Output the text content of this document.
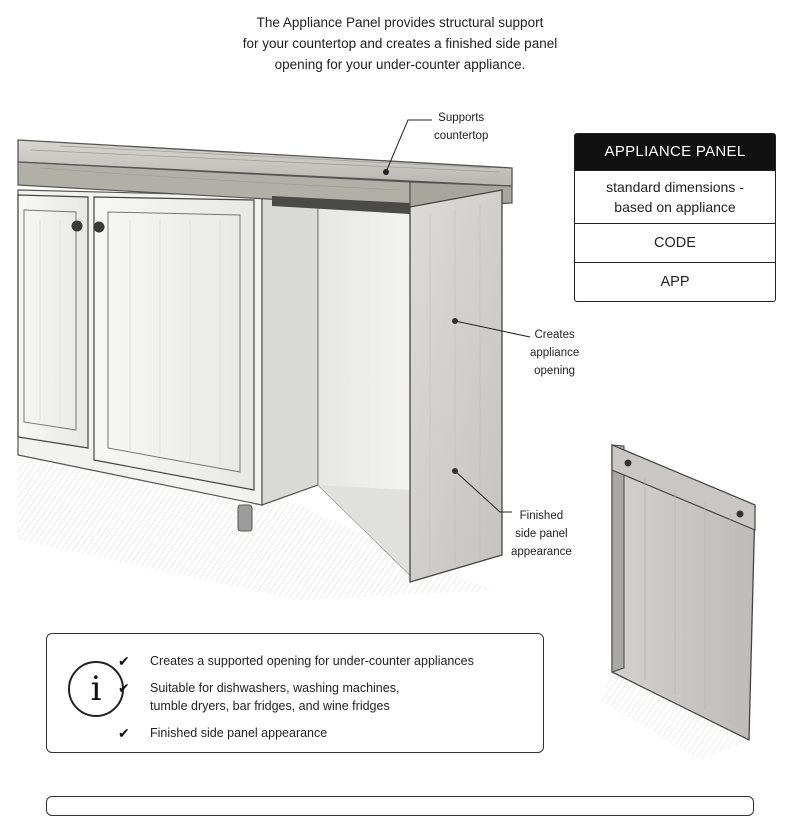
The Appliance Panel provides structural support
for your countertop and creates a finished side panel
opening for your under-counter appliance.
Supports
countertop
Creates
appliance
opening
Finished
side panel
appearance
APPLIANCE PANEL
standard dimensions -
based on appliance
CODE
APP
i
✔ Creates a supported opening for under-counter appliances
✔ Suitable for dishwashers, washing machines,
tumble dryers, bar fridges, and wine fridges
✔ Finished side panel appearance
